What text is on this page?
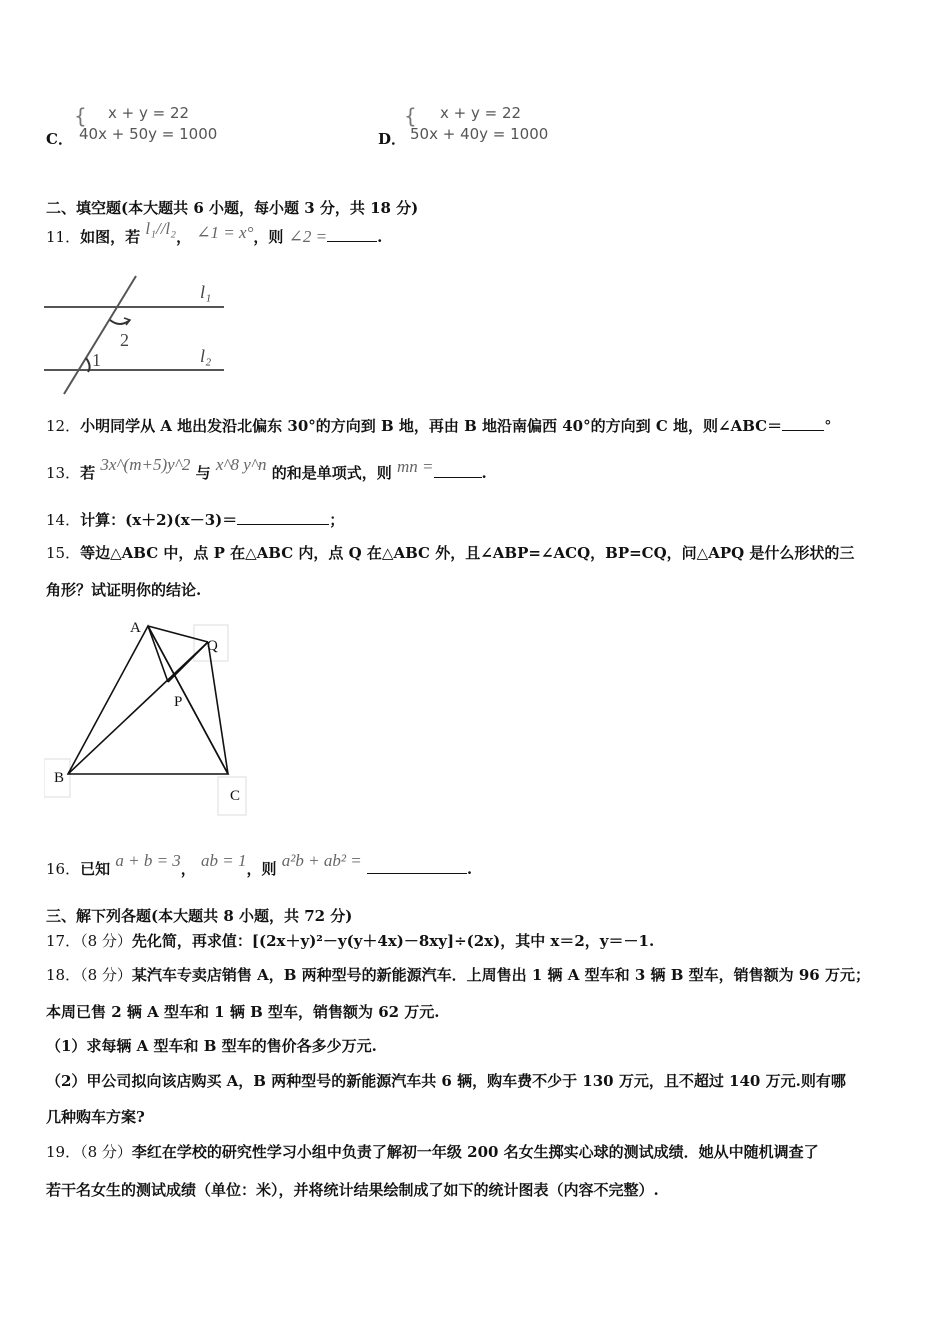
C．
{ x + y = 22
40x + 50y = 1000	D．
{ x + y = 22
50x + 40y = 1000
二、填空题(本大题共 6 小题，每小题 3 分，共 18 分)
11．如图，若 l₁//l₂， ∠1 = x°，则 ∠2 =	.
l₁
l₂
2
1
12．小明同学从 A 地出发沿北偏东 30°的方向到 B 地，再由 B 地沿南偏西 40°的方向到 C 地，则∠ABC＝	°
13．若 3x^(m+5)y^2 与 x^8 y^n 的和是单项式，则 mn =	.
14．计算：(x＋2)(x－3)＝	；
15．等边△ABC 中，点 P 在△ABC 内，点 Q 在△ABC 外，且∠ABP=∠ACQ，BP=CQ，问△APQ 是什么形状的三
角形？试证明你的结论.
A
Q
P
B
C
16．已知 a + b = 3， ab = 1，则 a²b + ab² =	.
三、解下列各题(本大题共 8 小题，共 72 分)
17．（8 分）先化简，再求值：[(2x＋y)²－y(y＋4x)－8xy]÷(2x)，其中 x＝2，y＝－1.
18．（8 分）某汽车专卖店销售 A，B 两种型号的新能源汽车．上周售出 1 辆 A 型车和 3 辆 B 型车，销售额为 96 万元；
本周已售 2 辆 A 型车和 1 辆 B 型车，销售额为 62 万元.
（1）求每辆 A 型车和 B 型车的售价各多少万元.
（2）甲公司拟向该店购买 A，B 两种型号的新能源汽车共 6 辆，购车费不少于 130 万元，且不超过 140 万元.则有哪
几种购车方案?
19．（8 分）李红在学校的研究性学习小组中负责了解初一年级 200 名女生掷实心球的测试成绩．她从中随机调查了
若干名女生的测试成绩（单位：米），并将统计结果绘制成了如下的统计图表（内容不完整）.
